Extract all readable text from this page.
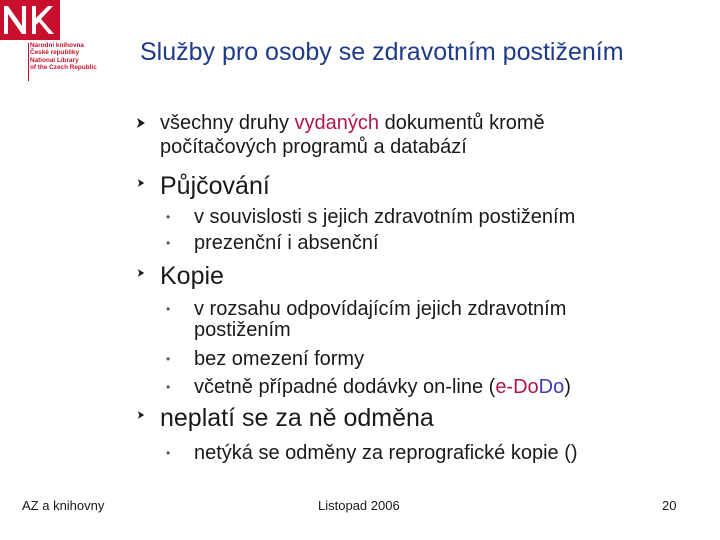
Národní knihovna
České republiky
National Library
of the Czech Republic
Služby pro osoby se zdravotním postižením
všechny druhy vydaných dokumentů kromě
počítačových programů a databází
Půjčování
• v souvislosti s jejich zdravotním postižením
• prezenční i absenční
Kopie
• v rozsahu odpovídajícím jejich zdravotním
postižením
• bez omezení formy
• včetně případné dodávky on-line (e-DoDo)
neplatí se za ně odměna
• netýká se odměny za reprografické kopie ()
AZ a knihovny	Listopad 2006	20
